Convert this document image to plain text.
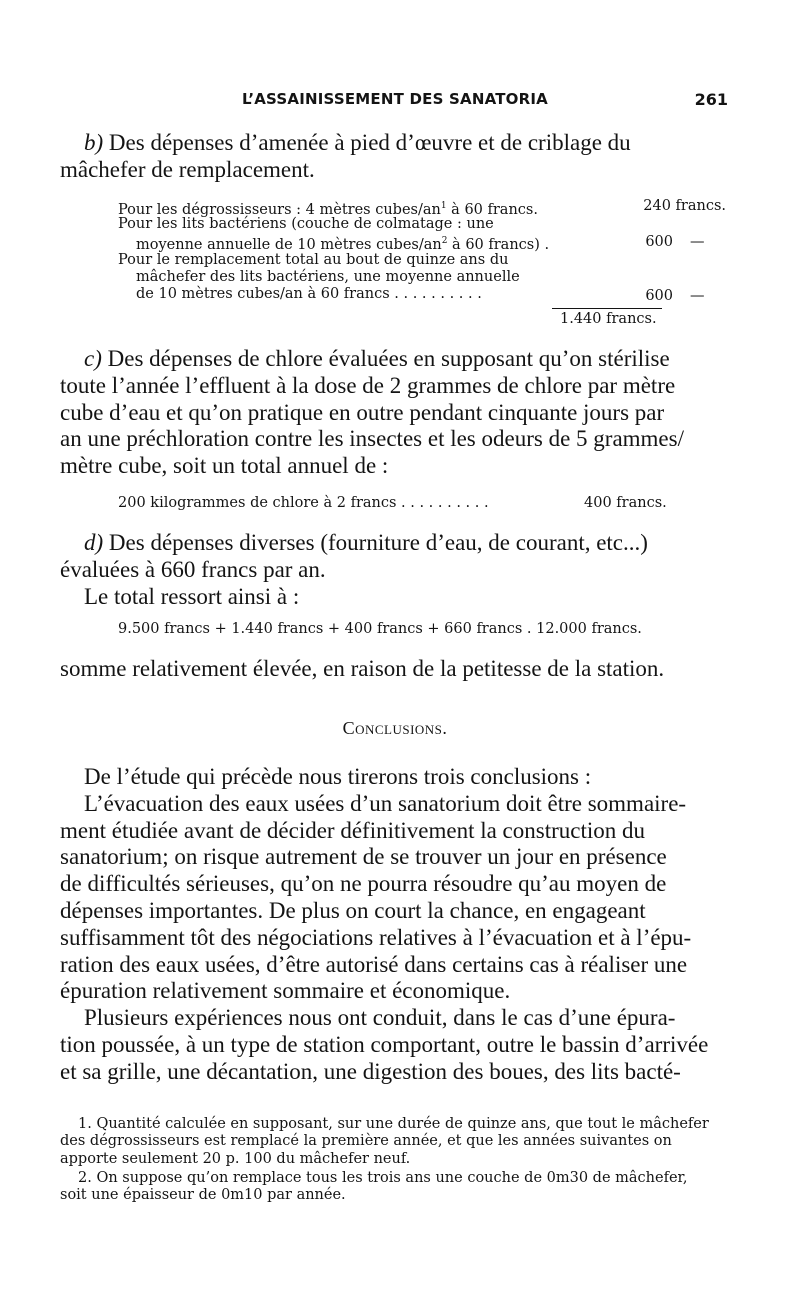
L’ASSAINISSEMENT DES SANATORIA	261
b) Des dépenses d’amenée à pied d’œuvre et de criblage du
mâchefer de remplacement.
Pour les dégrossisseurs : 4 mètres cubes/$an^1$ à 60 francs.	240 francs.
Pour les lits bactériens (couche de colmatage : une
moyenne annuelle de 10 mètres cubes/$an^2$ à 60 francs) .	600 —
Pour le remplacement total au bout de quinze ans du
mâchefer des lits bactériens, une moyenne annuelle
de 10 mètres cubes/an à 60 francs . . . . . . . . . .	600 —
1.440 francs.
c) Des dépenses de chlore évaluées en supposant qu’on stérilise
toute l’année l’effluent à la dose de 2 grammes de chlore par mètre
cube d’eau et qu’on pratique en outre pendant cinquante jours par
an une préchloration contre les insectes et les odeurs de 5 grammes/
mètre cube, soit un total annuel de :
200 kilogrammes de chlore à 2 francs . . . . . . . . . .	400 francs.
d) Des dépenses diverses (fourniture d’eau, de courant, etc...)
évaluées à 660 francs par an.
Le total ressort ainsi à :
9.500 francs + 1.440 francs + 400 francs + 660 francs . 12.000 francs.
somme relativement élevée, en raison de la petitesse de la station.
Conclusions.
De l’étude qui précède nous tirerons trois conclusions :
L’évacuation des eaux usées d’un sanatorium doit être sommaire-
ment étudiée avant de décider définitivement la construction du
sanatorium; on risque autrement de se trouver un jour en présence
de difficultés sérieuses, qu’on ne pourra résoudre qu’au moyen de
dépenses importantes. De plus on court la chance, en engageant
suffisamment tôt des négociations relatives à l’évacuation et à l’épu-
ration des eaux usées, d’être autorisé dans certains cas à réaliser une
épuration relativement sommaire et économique.
Plusieurs expériences nous ont conduit, dans le cas d’une épura-
tion poussée, à un type de station comportant, outre le bassin d’arrivée
et sa grille, une décantation, une digestion des boues, des lits bacté-
1. Quantité calculée en supposant, sur une durée de quinze ans, que tout le mâchefer
des dégrossisseurs est remplacé la première année, et que les années suivantes on
apporte seulement 20 p. 100 du mâchefer neuf.
2. On suppose qu’on remplace tous les trois ans une couche de 0m30 de mâchefer,
soit une épaisseur de 0m10 par année.
